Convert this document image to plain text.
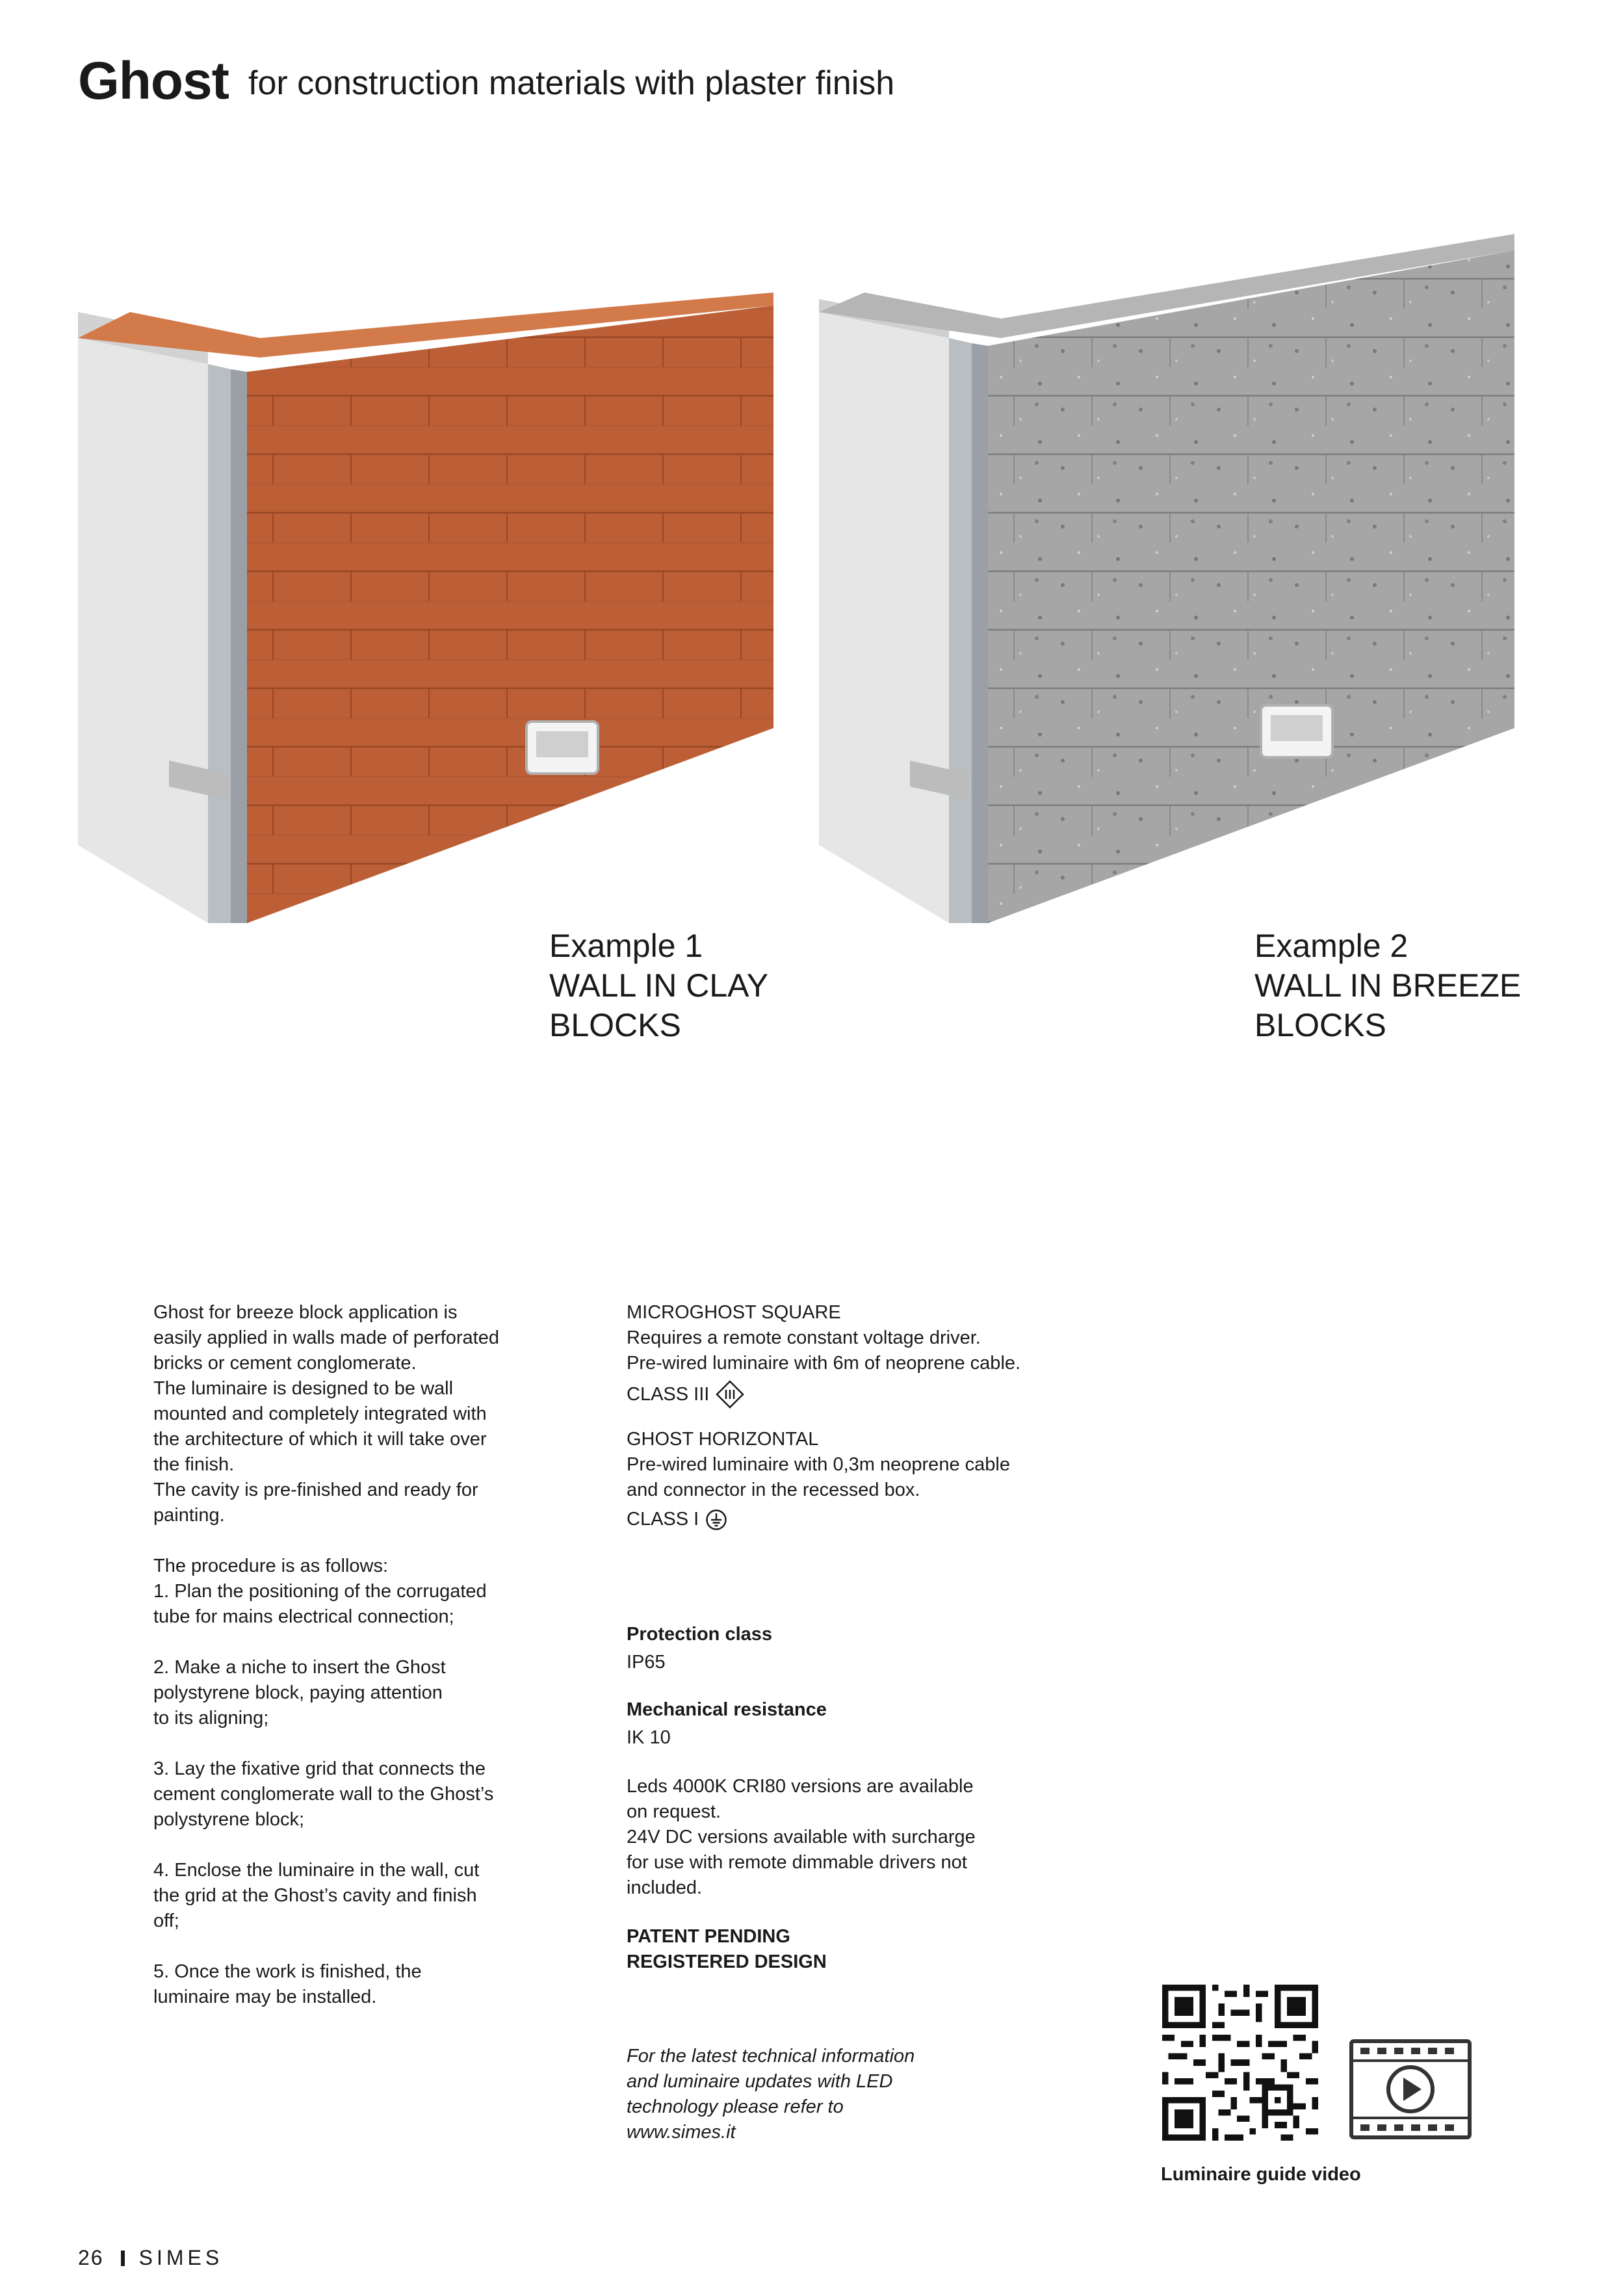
Ghost for construction materials with plaster finish
Example 1
WALL IN CLAY
BLOCKS
Example 2
WALL IN BREEZE
BLOCKS
Ghost for breeze block application is
easily applied in walls made of perforated
bricks or cement conglomerate.
The luminaire is designed to be wall
mounted and completely integrated with
the architecture of which it will take over
the finish.
The cavity is pre-finished and ready for
painting.
The procedure is as follows:
1. Plan the positioning of the corrugated
tube for mains electrical connection;
2. Make a niche to insert the Ghost
polystyrene block, paying attention
to its aligning;
3. Lay the fixative grid that connects the
cement conglomerate wall to the Ghost’s
polystyrene block;
4. Enclose the luminaire in the wall, cut
the grid at the Ghost’s cavity and finish
off;
5. Once the work is finished, the
luminaire may be installed.
MICROGHOST SQUARE
Requires a remote constant voltage driver.
Pre-wired luminaire with 6m of neoprene cable.
CLASS III
GHOST HORIZONTAL
Pre-wired luminaire with 0,3m neoprene cable
and connector in the recessed box.
CLASS I
Protection class
IP65
Mechanical resistance
IK 10
Leds 4000K CRI80 versions are available
on request.
24V DC versions available with surcharge
for use with remote dimmable drivers not
included.
PATENT PENDING
REGISTERED DESIGN
For the latest technical information
and luminaire updates with LED
technology please refer to
www.simes.it
Luminaire guide video
26 SIMES
